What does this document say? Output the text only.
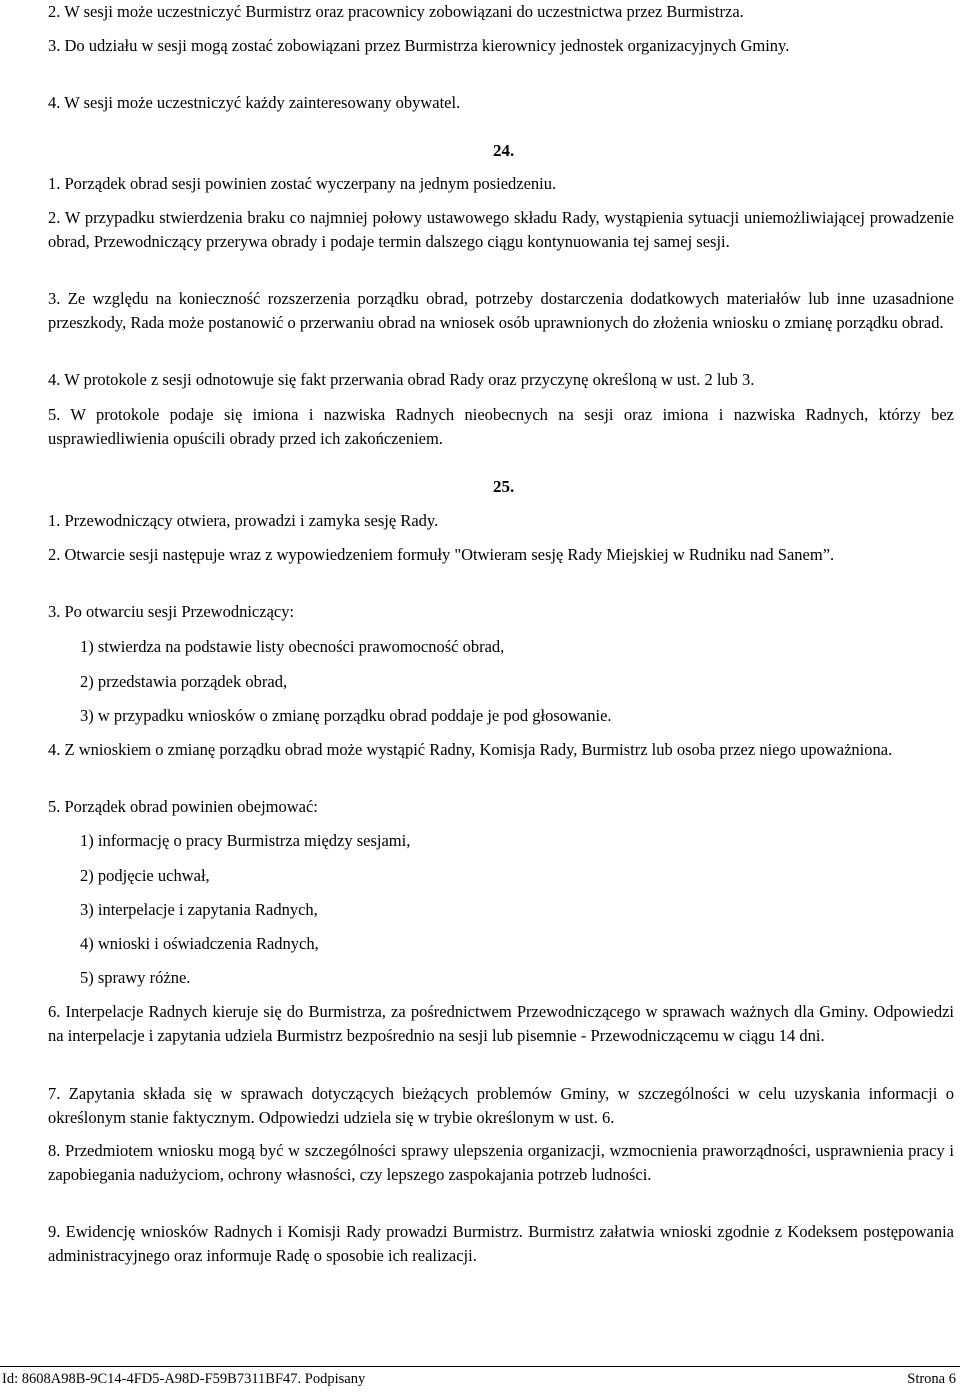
2. W sesji może uczestniczyć Burmistrz oraz pracownicy zobowiązani do uczestnictwa przez Burmistrza.

3. Do udziału w sesji mogą zostać zobowiązani przez Burmistrza kierownicy jednostek organizacyjnych Gminy.

4. W sesji może uczestniczyć każdy zainteresowany obywatel.

24.

1. Porządek obrad sesji powinien zostać wyczerpany na jednym posiedzeniu.

2. W przypadku stwierdzenia braku co najmniej połowy ustawowego składu Rady, wystąpienia sytuacji uniemożliwiającej prowadzenie obrad, Przewodniczący przerywa obrady i podaje termin dalszego ciągu kontynuowania tej samej sesji.

3. Ze względu na konieczność rozszerzenia porządku obrad, potrzeby dostarczenia dodatkowych materiałów lub inne uzasadnione przeszkody, Rada może postanowić o przerwaniu obrad na wniosek osób uprawnionych do złożenia wniosku o zmianę porządku obrad.

4. W protokole z sesji odnotowuje się fakt przerwania obrad Rady oraz przyczynę określoną w ust. 2 lub 3.

5. W protokole podaje się imiona i nazwiska Radnych nieobecnych na sesji oraz imiona i nazwiska Radnych, którzy bez usprawiedliwienia opuścili obrady przed ich zakończeniem.

25.

1. Przewodniczący otwiera, prowadzi i zamyka sesję Rady.

2. Otwarcie sesji następuje wraz z wypowiedzeniem formuły "Otwieram sesję Rady Miejskiej w Rudniku nad Sanem”.

3. Po otwarciu sesji Przewodniczący:

1) stwierdza na podstawie listy obecności prawomocność obrad,

2) przedstawia porządek obrad,

3) w przypadku wniosków o zmianę porządku obrad poddaje je pod głosowanie.

4. Z wnioskiem o zmianę porządku obrad może wystąpić Radny, Komisja Rady, Burmistrz lub osoba przez niego upoważniona.

5. Porządek obrad powinien obejmować:

1) informację o pracy Burmistrza między sesjami,

2) podjęcie uchwał,

3) interpelacje i zapytania Radnych,

4) wnioski i oświadczenia Radnych,

5) sprawy różne.

6. Interpelacje Radnych kieruje się do Burmistrza, za pośrednictwem Przewodniczącego w sprawach ważnych dla Gminy. Odpowiedzi na interpelacje i zapytania udziela Burmistrz bezpośrednio na sesji lub pisemnie - Przewodniczącemu w ciągu 14 dni.

7. Zapytania składa się w sprawach dotyczących bieżących problemów Gminy, w szczególności w celu uzyskania informacji o określonym stanie faktycznym. Odpowiedzi udziela się w trybie określonym w ust. 6.

8. Przedmiotem wniosku mogą być w szczególności sprawy ulepszenia organizacji, wzmocnienia praworządności, usprawnienia pracy i zapobiegania nadużyciom, ochrony własności, czy lepszego zaspokajania potrzeb ludności.

9. Ewidencję wniosków Radnych i Komisji Rady prowadzi Burmistrz. Burmistrz załatwia wnioski zgodnie z Kodeksem postępowania administracyjnego oraz informuje Radę o sposobie ich realizacji.

Id: 8608A98B-9C14-4FD5-A98D-F59B7311BF47. Podpisany	Strona 6
